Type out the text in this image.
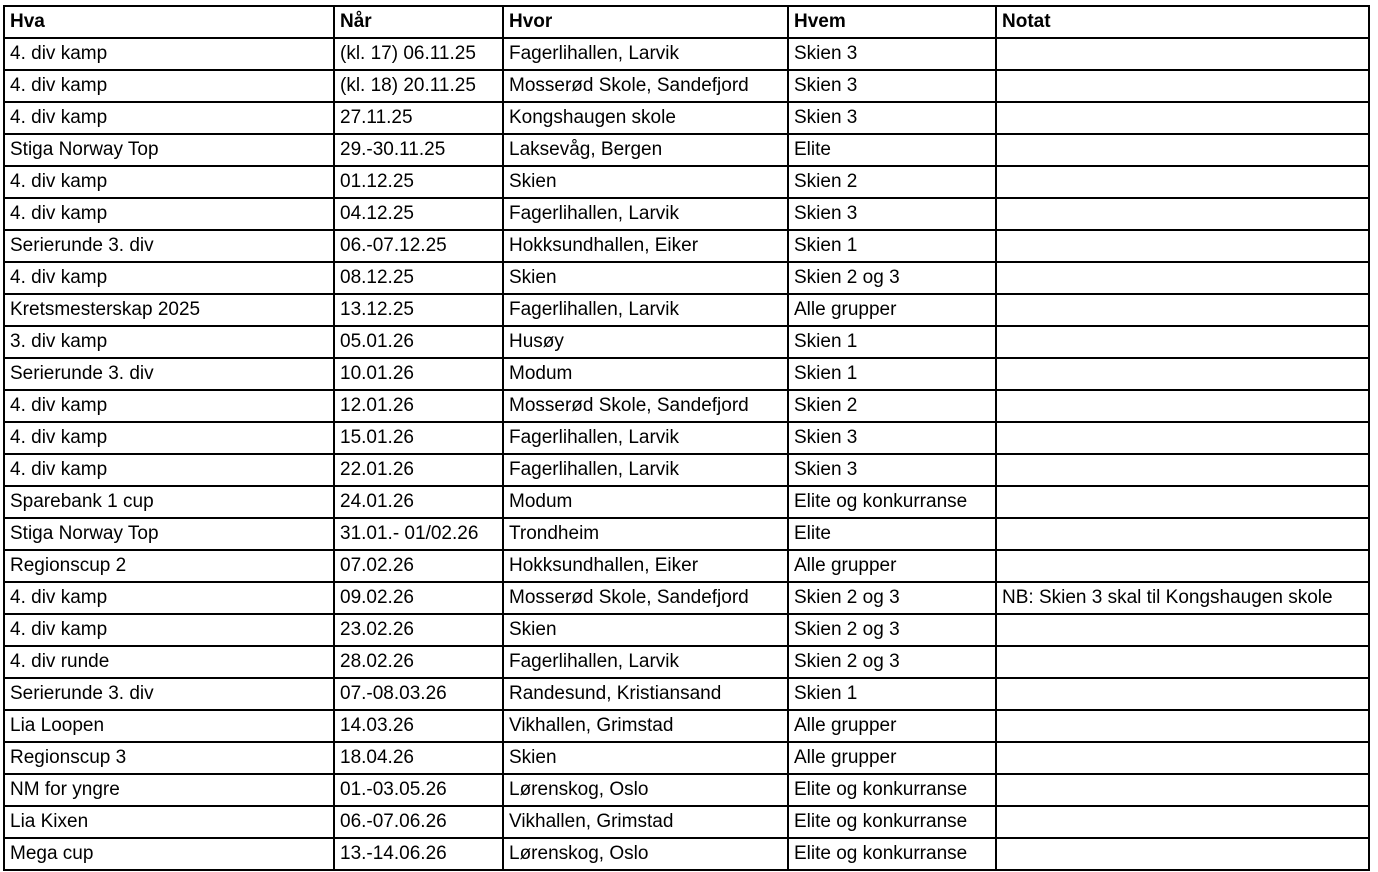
Hva	Når	Hvor	Hvem	Notat
4. div kamp	(kl. 17) 06.11.25	Fagerlihallen, Larvik	Skien 3	
4. div kamp	(kl. 18) 20.11.25	Mosserød Skole, Sandefjord	Skien 3	
4. div kamp	27.11.25	Kongshaugen skole	Skien 3	
Stiga Norway Top	29.-30.11.25	Laksevåg, Bergen	Elite	
4. div kamp	01.12.25	Skien	Skien 2	
4. div kamp	04.12.25	Fagerlihallen, Larvik	Skien 3	
Serierunde 3. div	06.-07.12.25	Hokksundhallen, Eiker	Skien 1	
4. div kamp	08.12.25	Skien	Skien 2 og 3	
Kretsmesterskap 2025	13.12.25	Fagerlihallen, Larvik	Alle grupper	
3. div kamp	05.01.26	Husøy	Skien 1	
Serierunde 3. div	10.01.26	Modum	Skien 1	
4. div kamp	12.01.26	Mosserød Skole, Sandefjord	Skien 2	
4. div kamp	15.01.26	Fagerlihallen, Larvik	Skien 3	
4. div kamp	22.01.26	Fagerlihallen, Larvik	Skien 3	
Sparebank 1 cup	24.01.26	Modum	Elite og konkurranse	
Stiga Norway Top	31.01.- 01/02.26	Trondheim	Elite	
Regionscup 2	07.02.26	Hokksundhallen, Eiker	Alle grupper	
4. div kamp	09.02.26	Mosserød Skole, Sandefjord	Skien 2 og 3	NB: Skien 3 skal til Kongshaugen skole
4. div kamp	23.02.26	Skien	Skien 2 og 3	
4. div runde	28.02.26	Fagerlihallen, Larvik	Skien 2 og 3	
Serierunde 3. div	07.-08.03.26	Randesund, Kristiansand	Skien 1	
Lia Loopen	14.03.26	Vikhallen, Grimstad	Alle grupper	
Regionscup 3	18.04.26	Skien	Alle grupper	
NM for yngre	01.-03.05.26	Lørenskog, Oslo	Elite og konkurranse	
Lia Kixen	06.-07.06.26	Vikhallen, Grimstad	Elite og konkurranse	
Mega cup	13.-14.06.26	Lørenskog, Oslo	Elite og konkurranse	
